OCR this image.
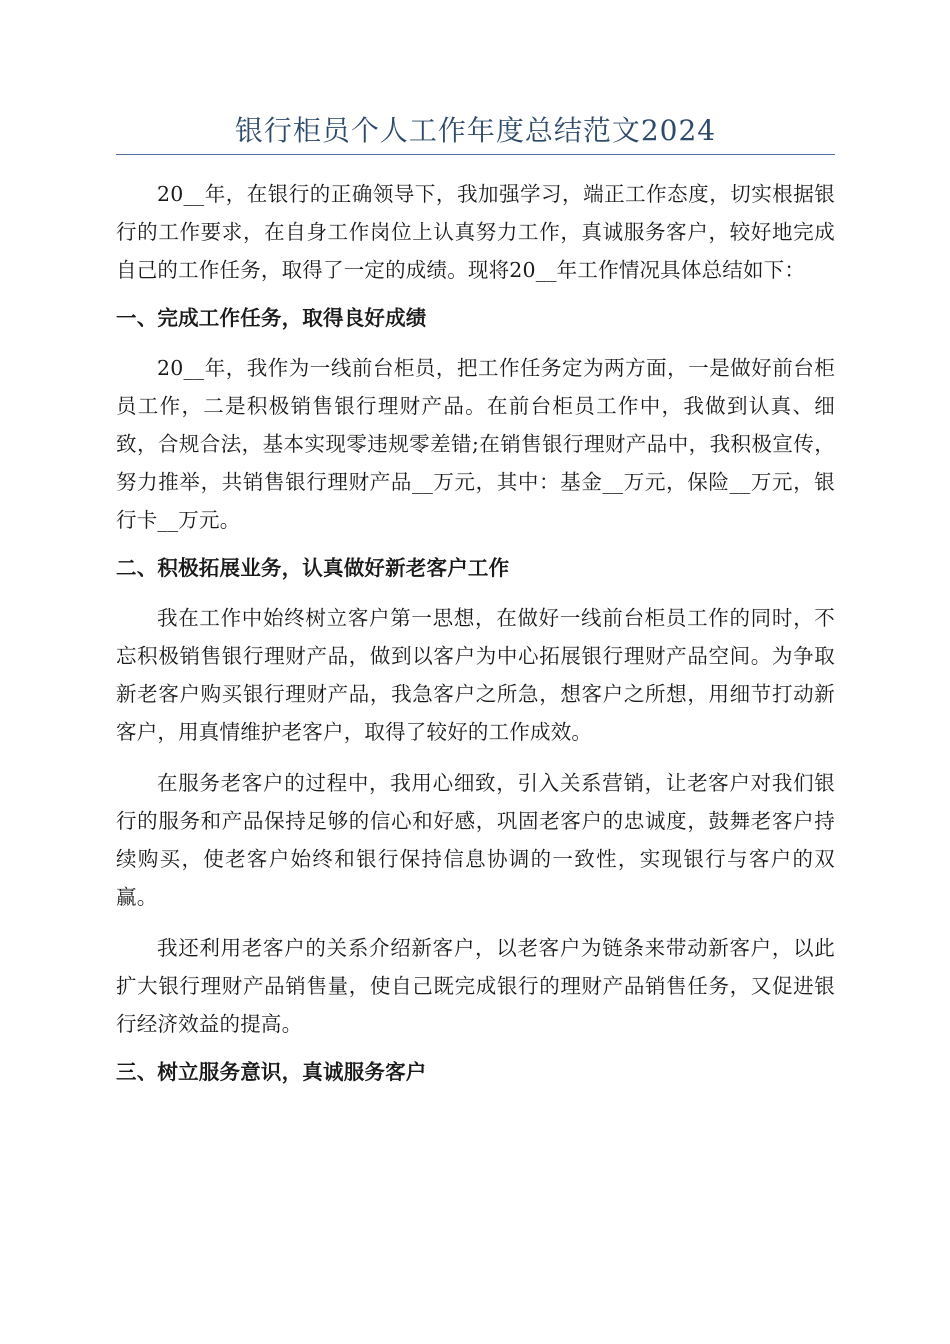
银行柜员个人工作年度总结范文2024

20__年，在银行的正确领导下，我加强学习，端正工作态度，切实根据银行的工作要求，在自身工作岗位上认真努力工作，真诚服务客户，较好地完成自己的工作任务，取得了一定的成绩。现将20__年工作情况具体总结如下：

一、完成工作任务，取得良好成绩

20__年，我作为一线前台柜员，把工作任务定为两方面，一是做好前台柜员工作，二是积极销售银行理财产品。在前台柜员工作中，我做到认真、细致，合规合法，基本实现零违规零差错;在销售银行理财产品中，我积极宣传，努力推举，共销售银行理财产品__万元，其中：基金__万元，保险__万元，银行卡__万元。

二、积极拓展业务，认真做好新老客户工作

我在工作中始终树立客户第一思想，在做好一线前台柜员工作的同时，不忘积极销售银行理财产品，做到以客户为中心拓展银行理财产品空间。为争取新老客户购买银行理财产品，我急客户之所急，想客户之所想，用细节打动新客户，用真情维护老客户，取得了较好的工作成效。

在服务老客户的过程中，我用心细致，引入关系营销，让老客户对我们银行的服务和产品保持足够的信心和好感，巩固老客户的忠诚度，鼓舞老客户持续购买，使老客户始终和银行保持信息协调的一致性，实现银行与客户的双赢。

我还利用老客户的关系介绍新客户，以老客户为链条来带动新客户，以此扩大银行理财产品销售量，使自己既完成银行的理财产品销售任务，又促进银行经济效益的提高。

三、树立服务意识，真诚服务客户
